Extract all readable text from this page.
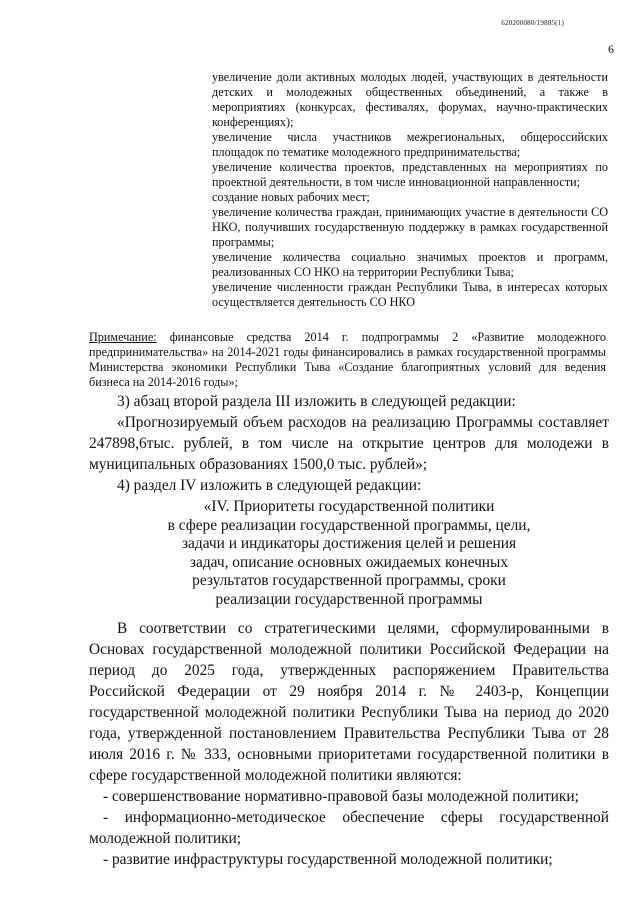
620200080/19885(1)
6
увеличение доли активных молодых людей, участвующих в деятельности детских и молодежных общественных объединений, а также в мероприятиях (конкурсах, фестивалях, форумах, научно-практических конференциях);
увеличение числа участников межрегиональных, общероссийских площадок по тематике молодежного предпринимательства;
увеличение количества проектов, представленных на мероприятиях по проектной деятельности, в том числе инновационной направленности;
создание новых рабочих мест;
увеличение количества граждан, принимающих участие в деятельности СО НКО, получивших государственную поддержку в рамках государственной программы;
увеличение количества социально значимых проектов и программ, реализованных СО НКО на территории Республики Тыва;
увеличение численности граждан Республики Тыва, в интересах которых осуществляется деятельность СО НКО
Примечание: финансовые средства 2014 г. подпрограммы 2 «Развитие молодежного предпринимательства» на 2014-2021 годы финансировались в рамках государственной программы Министерства экономики Республики Тыва «Создание благоприятных условий для ведения бизнеса на 2014-2016 годы»;
3) абзац второй раздела III изложить в следующей редакции:
«Прогнозируемый объем расходов на реализацию Программы составляет 247898,6тыс. рублей, в том числе на открытие центров для молодежи в муниципальных образованиях 1500,0 тыс. рублей»;
4) раздел IV изложить в следующей редакции:
«IV. Приоритеты государственной политики
в сфере реализации государственной программы, цели,
задачи и индикаторы достижения целей и решения
задач, описание основных ожидаемых конечных
результатов государственной программы, сроки
реализации государственной программы
В соответствии со стратегическими целями, сформулированными в Основах государственной молодежной политики Российской Федерации на период до 2025 года, утвержденных распоряжением Правительства Российской Федерации от 29 ноября 2014 г. № 2403-р, Концепции государственной молодежной политики Республики Тыва на период до 2020 года, утвержденной постановлением Правительства Республики Тыва от 28 июля 2016 г. № 333, основными приоритетами государственной политики в сфере государственной молодежной политики являются:
- совершенствование нормативно-правовой базы молодежной политики;
- информационно-методическое обеспечение сферы государственной молодежной политики;
- развитие инфраструктуры государственной молодежной политики;
